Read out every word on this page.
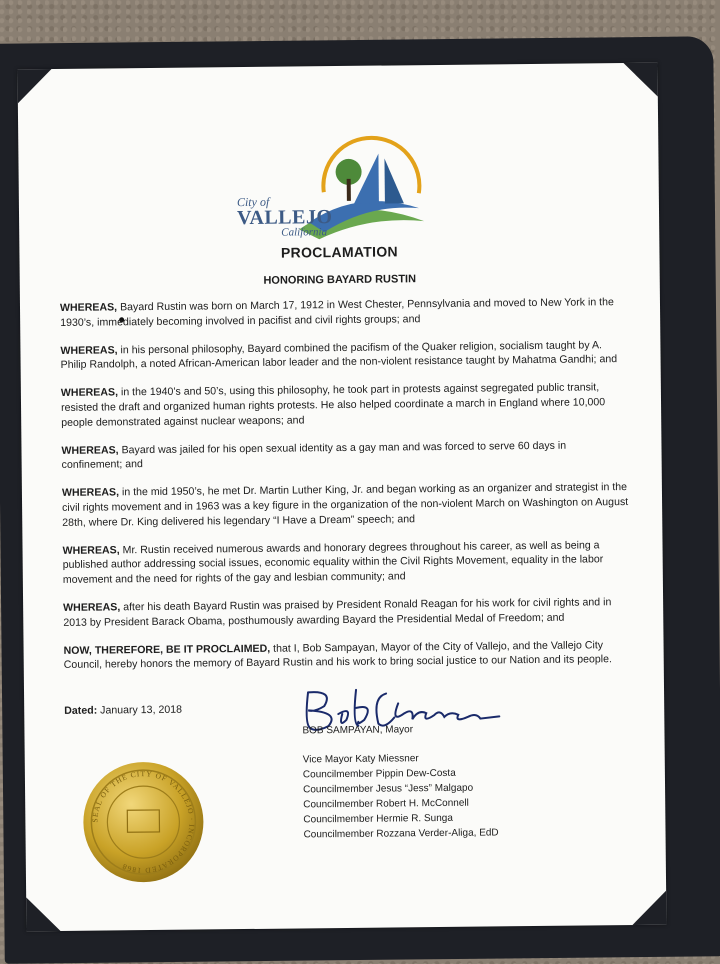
City of
VALLEJO
California
PROCLAMATION
HONORING BAYARD RUSTIN

WHEREAS, Bayard Rustin was born on March 17, 1912 in West Chester, Pennsylvania and moved to New York in the 1930’s, immediately becoming involved in pacifist and civil rights groups; and

WHEREAS, in his personal philosophy, Bayard combined the pacifism of the Quaker religion, socialism taught by A. Philip Randolph, a noted African-American labor leader and the non-violent resistance taught by Mahatma Gandhi; and

WHEREAS, in the 1940’s and 50’s, using this philosophy, he took part in protests against segregated public transit, resisted the draft and organized human rights protests. He also helped coordinate a march in England where 10,000 people demonstrated against nuclear weapons; and

WHEREAS, Bayard was jailed for his open sexual identity as a gay man and was forced to serve 60 days in confinement; and

WHEREAS, in the mid 1950’s, he met Dr. Martin Luther King, Jr. and began working as an organizer and strategist in the civil rights movement and in 1963 was a key figure in the organization of the non-violent March on Washington on August 28th, where Dr. King delivered his legendary “I Have a Dream” speech; and

WHEREAS, Mr. Rustin received numerous awards and honorary degrees throughout his career, as well as being a published author addressing social issues, economic equality within the Civil Rights Movement, equality in the labor movement and the need for rights of the gay and lesbian community; and

WHEREAS, after his death Bayard Rustin was praised by President Ronald Reagan for his work for civil rights and in 2013 by President Barack Obama, posthumously awarding Bayard the Presidential Medal of Freedom; and

NOW, THEREFORE, BE IT PROCLAIMED, that I, Bob Sampayan, Mayor of the City of Vallejo, and the Vallejo City Council, hereby honors the memory of Bayard Rustin and his work to bring social justice to our Nation and its people.

Dated: January 13, 2018
BOB SAMPAYAN, Mayor
Vice Mayor Katy Miessner
Councilmember Pippin Dew-Costa
Councilmember Jesus “Jess” Malgapo
Councilmember Robert H. McConnell
Councilmember Hermie R. Sunga
Councilmember Rozzana Verder-Aliga, EdD
SEAL OF THE CITY OF VALLEJO · INCORPORATED 1868
